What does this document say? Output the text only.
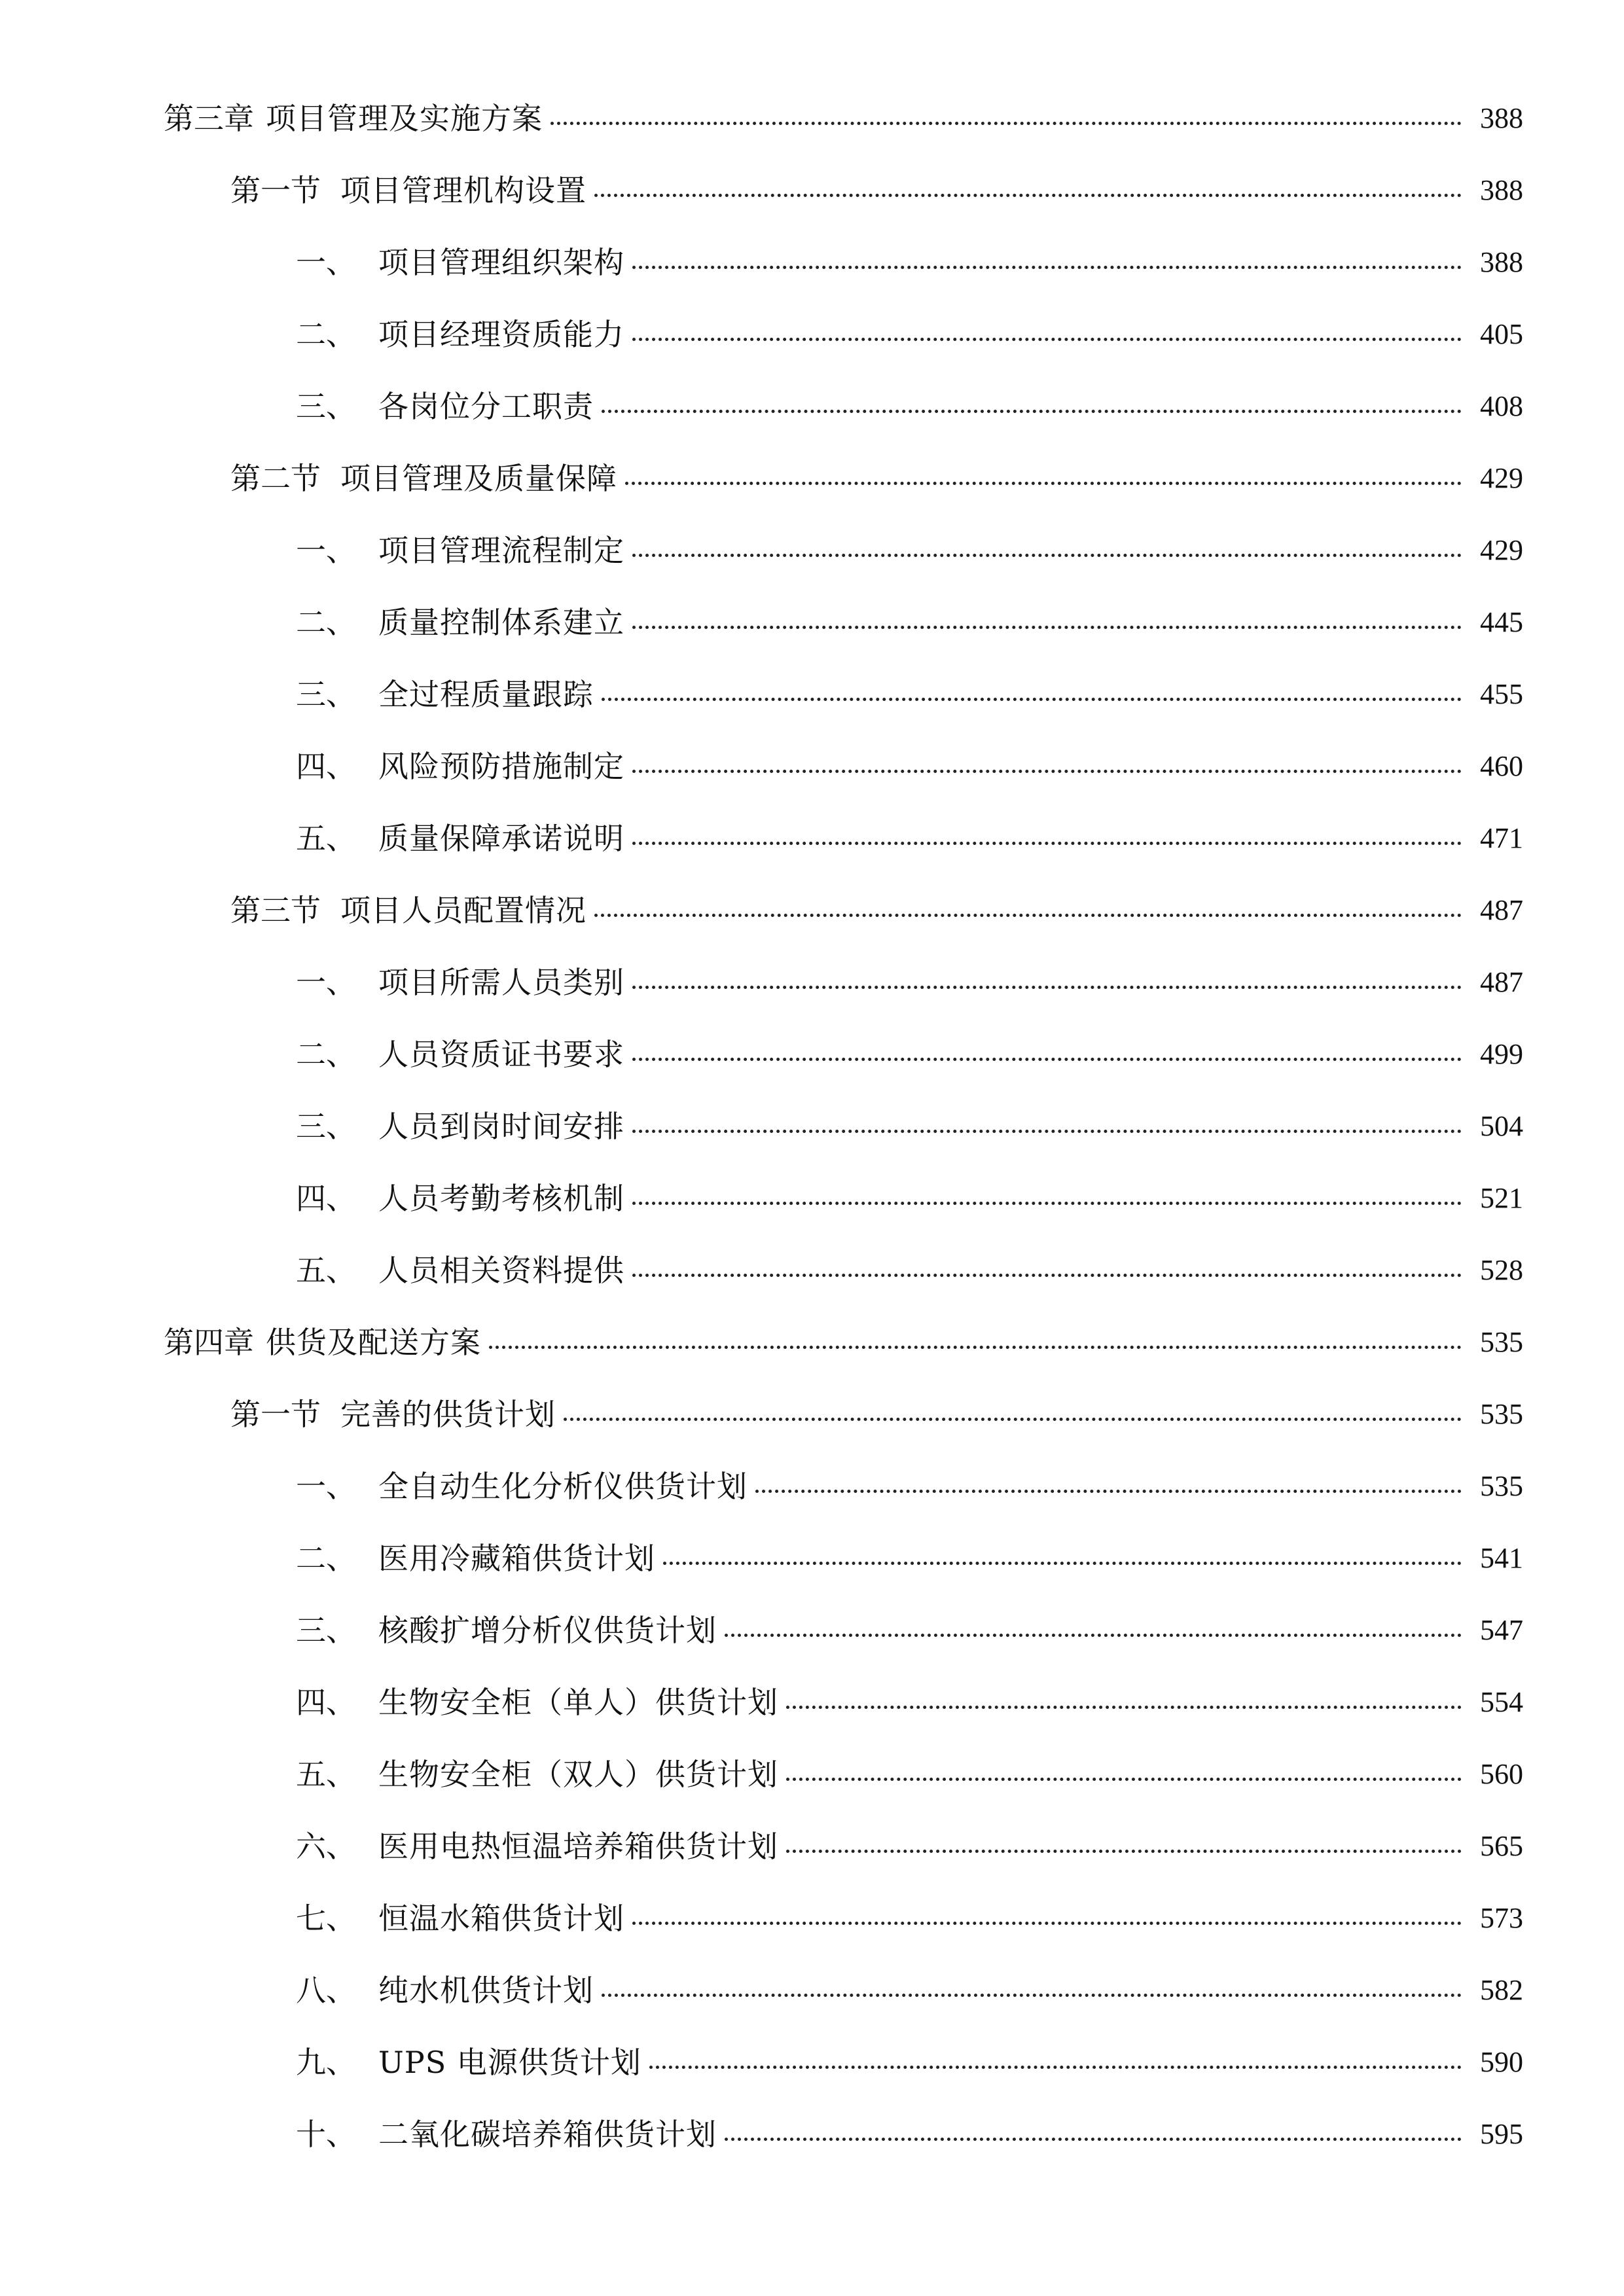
第三章 项目管理及实施方案	388
第一节 项目管理机构设置	388
一、 项目管理组织架构	388
二、 项目经理资质能力	405
三、 各岗位分工职责	408
第二节 项目管理及质量保障	429
一、 项目管理流程制定	429
二、 质量控制体系建立	445
三、 全过程质量跟踪	455
四、 风险预防措施制定	460
五、 质量保障承诺说明	471
第三节 项目人员配置情况	487
一、 项目所需人员类别	487
二、 人员资质证书要求	499
三、 人员到岗时间安排	504
四、 人员考勤考核机制	521
五、 人员相关资料提供	528
第四章 供货及配送方案	535
第一节 完善的供货计划	535
一、 全自动生化分析仪供货计划	535
二、 医用冷藏箱供货计划	541
三、 核酸扩增分析仪供货计划	547
四、 生物安全柜（单人）供货计划	554
五、 生物安全柜（双人）供货计划	560
六、 医用电热恒温培养箱供货计划	565
七、 恒温水箱供货计划	573
八、 纯水机供货计划	582
九、 UPS 电源供货计划	590
十、 二氧化碳培养箱供货计划	595
